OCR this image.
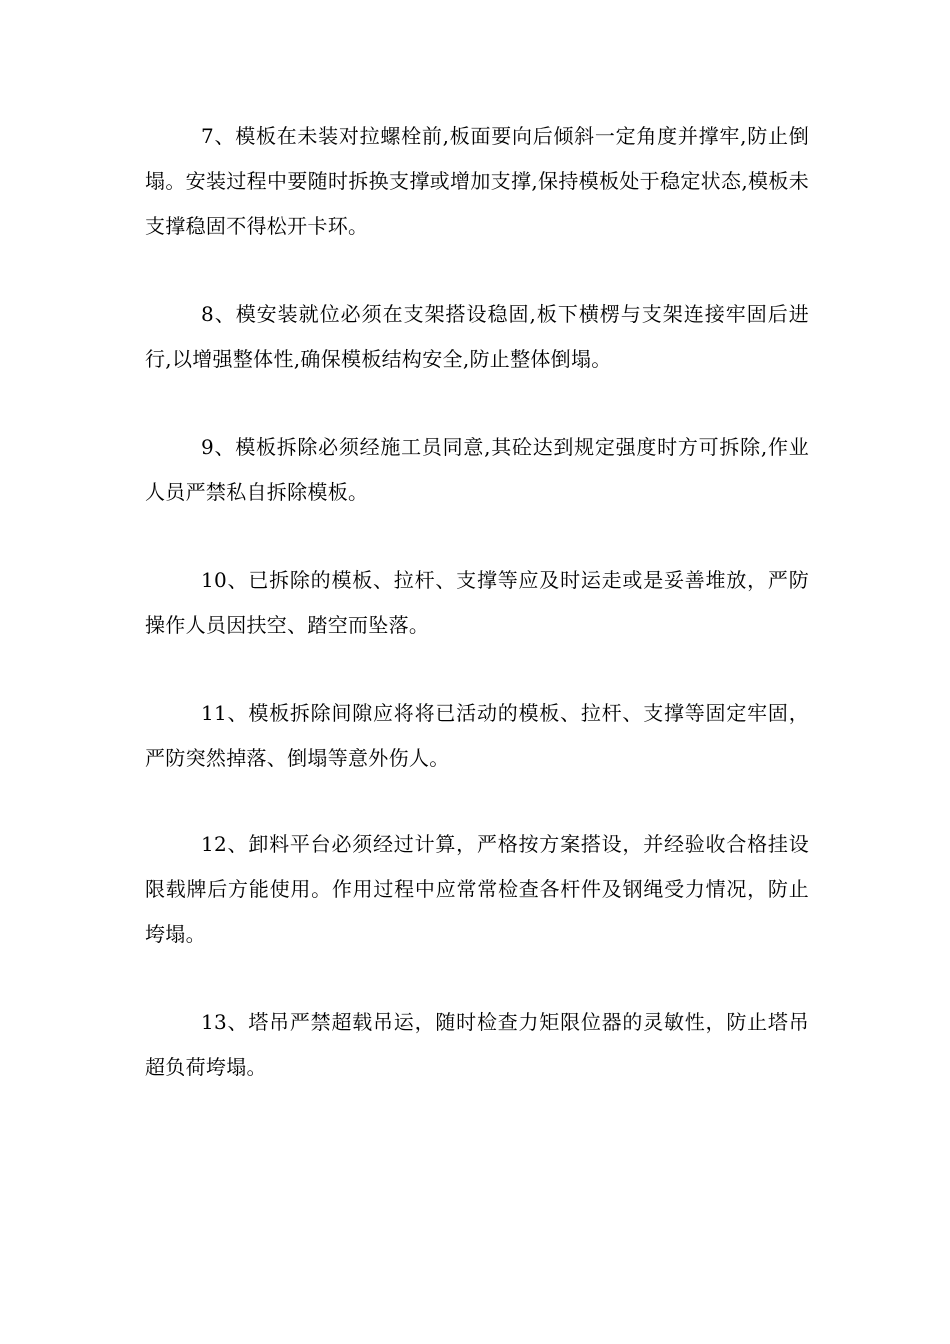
7、模板在未装对拉螺栓前,板面要向后倾斜一定角度并撑牢,防止倒塌。安装过程中要随时拆换支撑或增加支撑,保持模板处于稳定状态,模板未支撑稳固不得松开卡环。

8、模安装就位必须在支架搭设稳固,板下横楞与支架连接牢固后进行,以增强整体性,确保模板结构安全,防止整体倒塌。

9、模板拆除必须经施工员同意,其砼达到规定强度时方可拆除,作业人员严禁私自拆除模板。

10、已拆除的模板、拉杆、支撑等应及时运走或是妥善堆放，严防操作人员因扶空、踏空而坠落。

11、模板拆除间隙应将将已活动的模板、拉杆、支撑等固定牢固，严防突然掉落、倒塌等意外伤人。

12、卸料平台必须经过计算，严格按方案搭设，并经验收合格挂设限载牌后方能使用。作用过程中应常常检查各杆件及钢绳受力情况，防止垮塌。

13、塔吊严禁超载吊运，随时检查力矩限位器的灵敏性，防止塔吊超负荷垮塌。
